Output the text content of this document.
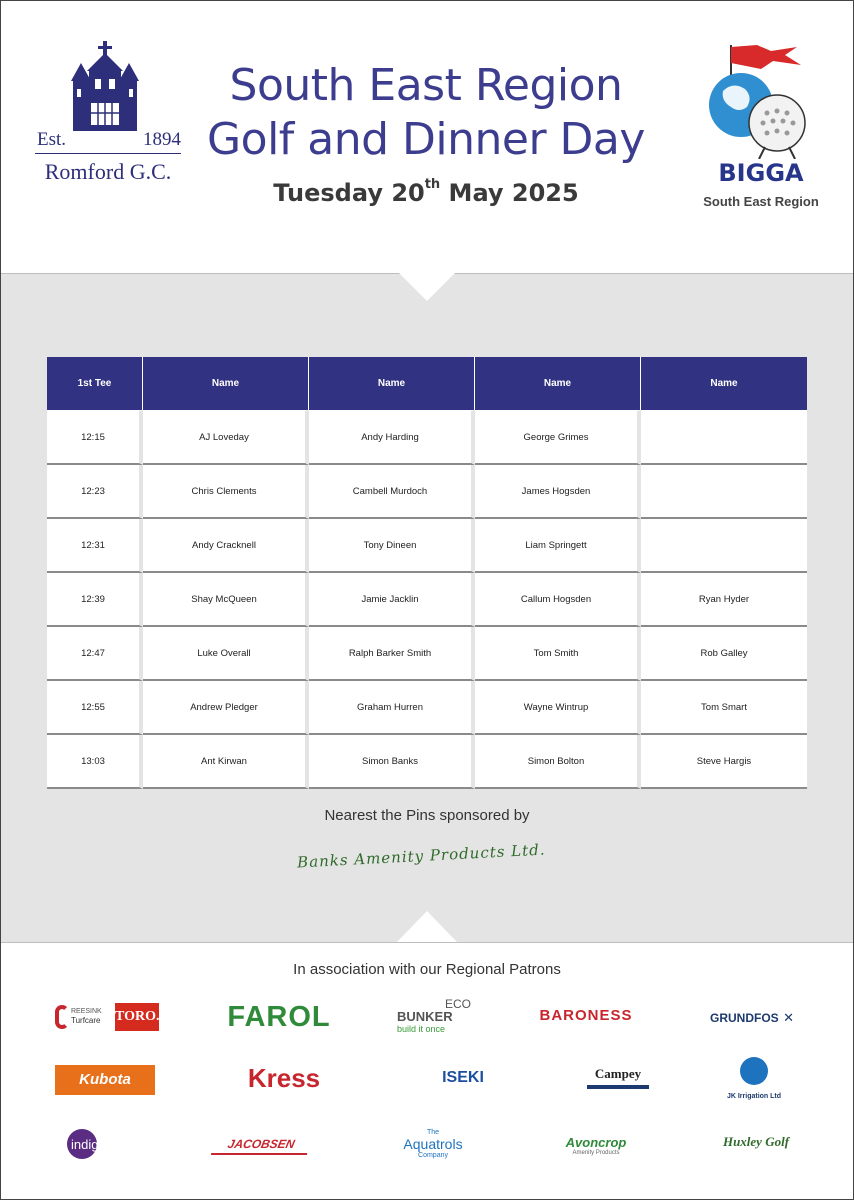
Est.	1894
Romford G.C.
South East Region
Golf and Dinner Day
Tuesday 20th May 2025
BIGGA
South East Region
1st Tee	Name	Name	Name	Name
12:15	AJ Loveday	Andy Harding	George Grimes	
12:23	Chris Clements	Cambell Murdoch	James Hogsden	
12:31	Andy Cracknell	Tony Dineen	Liam Springett	
12:39	Shay McQueen	Jamie Jacklin	Callum Hogsden	Ryan Hyder
12:47	Luke Overall	Ralph Barker Smith	Tom Smith	Rob Galley
12:55	Andrew Pledger	Graham Hurren	Wayne Wintrup	Tom Smart
13:03	Ant Kirwan	Simon Banks	Simon Bolton	Steve Hargis
Nearest the Pins sponsored by
Banks Amenity Products Ltd.
In association with our Regional Patrons
REESINK
Turfcare TORO. FAROL	ECO
BUNKER
build it once
BARONESS	GRUNDFOS ✕
Kubota	Kress	ISEKI	Campey
JK Irrigation Ltd
indigrow	JACOBSEN
The
Aquatrols
Company
Avoncrop
Amenity Products
Huxley Golf
